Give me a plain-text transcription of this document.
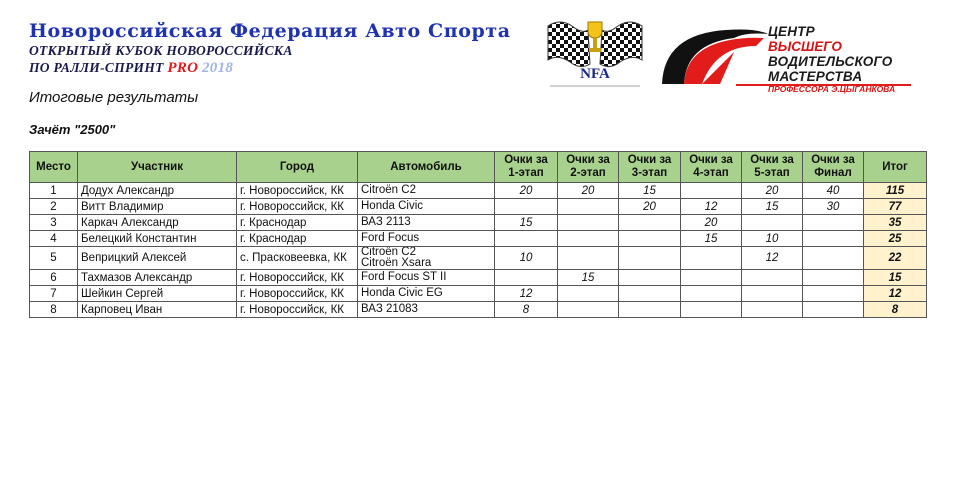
Новороссийская Федерация Авто Спорта
ОТКРЫТЫЙ КУБОК НОВОРОССИЙСКА
ПО РАЛЛИ-СПРИНТ PRO 2018
Итоговые результаты
Зачёт "2500"
NFA
ЦЕНТР
ВЫСШЕГО
ВОДИТЕЛЬСКОГО
МАСТЕРСТВА
ПРОФЕССОРА Э.ЦЫГАНКОВА
Место	Участник	Город	Автомобиль	Очки за
1-этап	Очки за
2-этап	Очки за
3-этап	Очки за
4-этап	Очки за
5-этап	Очки за
Финал	Итог
1	Додух Александр	г. Новороссийск, КК	Citroën C2	20	20	15		20	40	115
2	Витт Владимир	г. Новороссийск, КК	Honda Civic			20	12	15	30	77
3	Каркач Александр	г. Краснодар	ВАЗ 2113	15			20			35
4	Белецкий Константин	г. Краснодар	Ford Focus				15	10		25
5	Веприцкий Алексей	с. Прасковеевка, КК	Citroën C2
Citroën Xsara	10				12		22
6	Тахмазов Александр	г. Новороссийск, КК	Ford Focus ST II		15					15
7	Шейкин Сергей	г. Новороссийск, КК	Honda Civic EG	12						12
8	Карповец Иван	г. Новороссийск, КК	ВАЗ 21083	8						8
